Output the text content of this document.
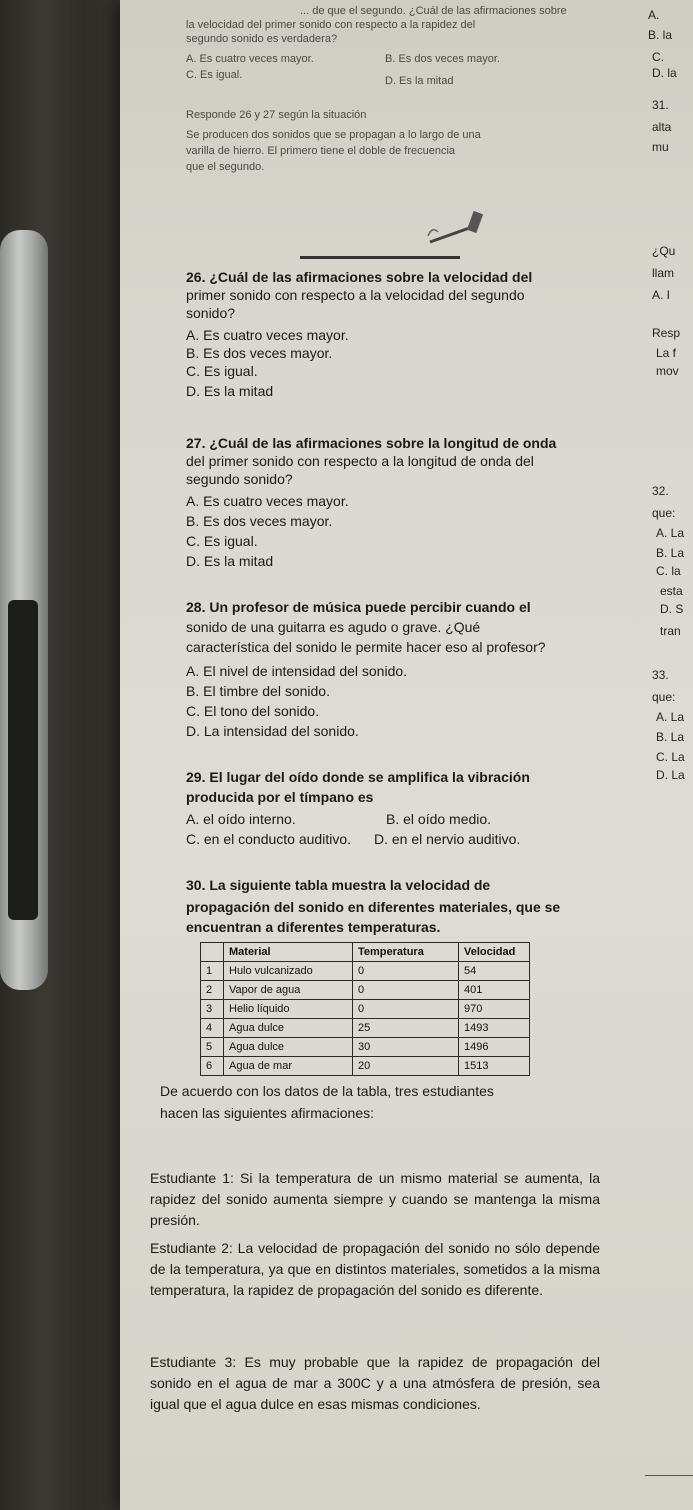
... de que el segundo. ¿Cuál de las afirmaciones sobre
la velocidad del primer sonido con respecto a la rapidez del
segundo sonido es verdadera?
A. Es cuatro veces mayor.	B. Es dos veces mayor.
C. Es igual.	D. Es la mitad
Responde 26 y 27 según la situación
Se producen dos sonidos que se propagan a lo largo de una
varilla de hierro. El primero tiene el doble de frecuencia
que el segundo.
26. ¿Cuál de las afirmaciones sobre la velocidad del
primer sonido con respecto a la velocidad del segundo
sonido?
A. Es cuatro veces mayor.
B. Es dos veces mayor.
C. Es igual.
D. Es la mitad
27. ¿Cuál de las afirmaciones sobre la longitud de onda
del primer sonido con respecto a la longitud de onda del
segundo sonido?
A. Es cuatro veces mayor.
B. Es dos veces mayor.
C. Es igual.
D. Es la mitad
28. Un profesor de música puede percibir cuando el
sonido de una guitarra es agudo o grave. ¿Qué
característica del sonido le permite hacer eso al profesor?
A. El nivel de intensidad del sonido.
B. El timbre del sonido.
C. El tono del sonido.
D. La intensidad del sonido.
29. El lugar del oído donde se amplifica la vibración
producida por el tímpano es
A. el oído interno.	B. el oído medio.
C. en el conducto auditivo. D. en el nervio auditivo.
30. La siguiente tabla muestra la velocidad de
propagación del sonido en diferentes materiales, que se
encuentran a diferentes temperaturas.
	Material	Temperatura	Velocidad
1	Hulo vulcanizado	0	54
2	Vapor de agua	0	401
3	Helio líquido	0	970
4	Agua dulce	25	1493
5	Agua dulce	30	1496
6	Agua de mar	20	1513
De acuerdo con los datos de la tabla, tres estudiantes
hacen las siguientes afirmaciones:
Estudiante 1: Si la temperatura de un mismo material se aumenta, la rapidez del sonido aumenta siempre y cuando se mantenga la misma presión.
Estudiante 2: La velocidad de propagación del sonido no sólo depende de la temperatura, ya que en distintos materiales, sometidos a la misma temperatura, la rapidez de propagación del sonido es diferente.
Estudiante 3: Es muy probable que la rapidez de propagación del sonido en el agua de mar a 300C y a una atmósfera de presión, sea igual que el agua dulce en esas mismas condiciones.
A.
B. la
C.
D. la
31.
alta
mu
¿Qu
llam
A. I
Resp
La f
mov
32.
que:
A. La
B. La
C. la
esta
D. S
tran
33.
que:
A. La
B. La
C. La
D. La
